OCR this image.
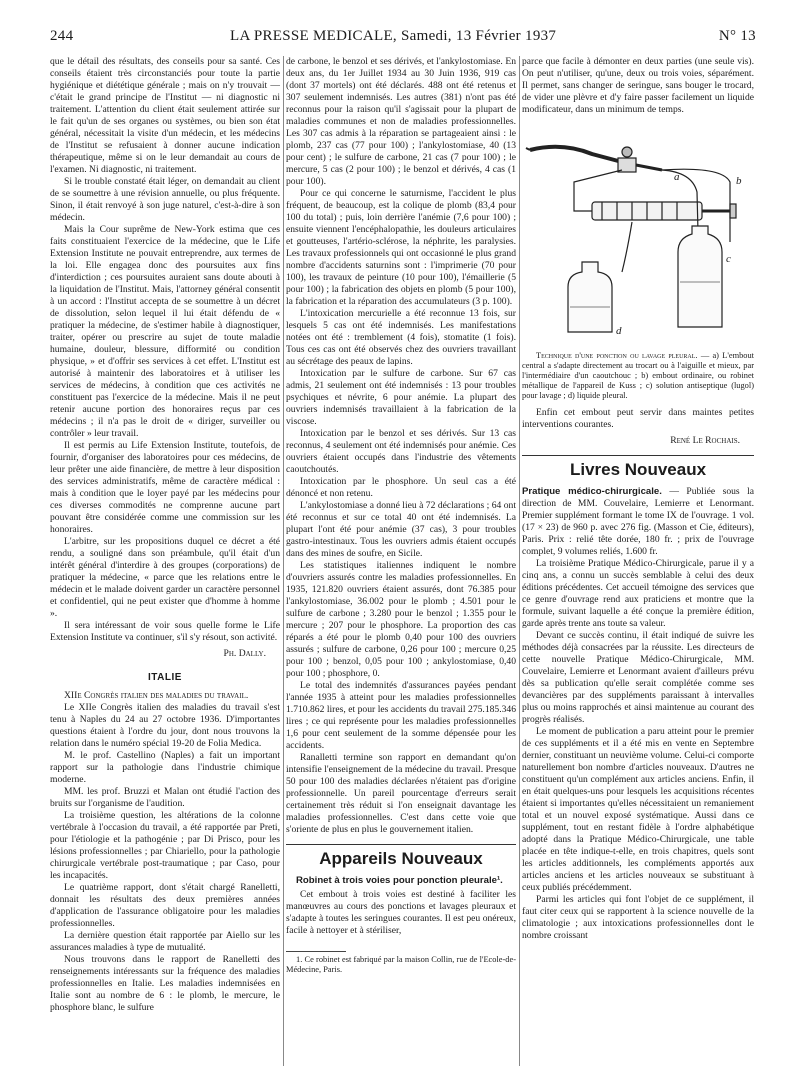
244	LA PRESSE MEDICALE, Samedi, 13 Février 1937	N° 13

que le détail des résultats, des conseils pour sa santé. Ces conseils étaient très circonstanciés pour toute la partie hygiénique et diététique générale ; mais on n'y trouvait — c'était le grand principe de l'Institut — ni diagnostic ni traitement. L'attention du client était seulement attirée sur le fait qu'un de ses organes ou systèmes, ou bien son état général, nécessitait la visite d'un médecin, et les médecins de l'Institut se refusaient à donner aucune indication thérapeutique, même si on le leur demandait au cours de l'examen. Ni diagnostic, ni traitement.

Si le trouble constaté était léger, on demandait au client de se soumettre à une révision annuelle, ou plus fréquente. Sinon, il était renvoyé à son juge naturel, c'est-à-dire à son médecin.

Mais la Cour suprême de New-York estima que ces faits constituaient l'exercice de la médecine, que le Life Extension Institute ne pouvait entreprendre, aux termes de la loi. Elle engagea donc des poursuites aux fins d'interdiction ; ces poursuites auraient sans doute abouti à la liquidation de l'Institut. Mais, l'attorney général consentit à un accord : l'Institut accepta de se soumettre à un décret de dissolution, selon lequel il lui était défendu de « pratiquer la médecine, de s'estimer habile à diagnostiquer, traiter, opérer ou prescrire au sujet de toute maladie humaine, douleur, blessure, difformité ou condition physique, » et d'offrir ses services à cet effet. L'Institut est autorisé à maintenir des laboratoires et à utiliser les services de médecins, à condition que ces activités ne constituent pas l'exercice de la médecine. Mais il ne peut retenir aucune portion des honoraires reçus par ces médecins ; il n'a pas le droit de « diriger, surveiller ou contrôler » leur travail.

Il est permis au Life Extension Institute, toutefois, de fournir, d'organiser des laboratoires pour ces médecins, de leur prêter une aide financière, de mettre à leur disposition des services administratifs, même de caractère médical : mais à condition que le loyer payé par les médecins pour ces diverses commodités ne comprenne aucune part pouvant être considérée comme une commission sur les honoraires.

L'arbitre, sur les propositions duquel ce décret a été rendu, a souligné dans son préambule, qu'il était d'un intérêt général d'interdire à des groupes (corporations) de pratiquer la médecine, « parce que les relations entre le médecin et le malade doivent garder un caractère personnel et confidentiel, qui ne peut exister que d'homme à homme ».

Il sera intéressant de voir sous quelle forme le Life Extension Institute va continuer, s'il s'y résout, son activité.

Ph. Dally.
ITALIE

XIIe Congrès italien des maladies du travail.

Le XIIe Congrès italien des maladies du travail s'est tenu à Naples du 24 au 27 octobre 1936. D'importantes questions étaient à l'ordre du jour, dont nous trouvons la relation dans le numéro spécial 19-20 de Folia Medica.

M. le prof. Castellino (Naples) a fait un important rapport sur la pathologie dans l'industrie chimique moderne.

MM. les prof. Bruzzi et Malan ont étudié l'action des bruits sur l'organisme de l'audition.

La troisième question, les altérations de la colonne vertébrale à l'occasion du travail, a été rapportée par Preti, pour l'étiologie et la pathogénie ; par Di Prisco, pour les lésions professionnelles ; par Chiariello, pour la pathologie chirurgicale vertébrale post-traumatique ; par Caso, pour les incapacités.

Le quatrième rapport, dont s'était chargé Ranelletti, donnait les résultats des deux premières années d'application de l'assurance obligatoire pour les maladies professionnelles.

La dernière question était rapportée par Aiello sur les assurances maladies à type de mutualité.

Nous trouvons dans le rapport de Ranelletti des renseignements intéressants sur la fréquence des maladies professionnelles en Italie. Les maladies indemnisées en Italie sont au nombre de 6 : le plomb, le mercure, le phosphore blanc, le sulfure

de carbone, le benzol et ses dérivés, et l'ankylostomiase. En deux ans, du 1er Juillet 1934 au 30 Juin 1936, 919 cas (dont 37 mortels) ont été déclarés. 488 ont été retenus et 307 seulement indemnisés. Les autres (381) n'ont pas été reconnus pour la raison qu'il s'agissait pour la plupart de maladies communes et non de maladies professionnelles. Les 307 cas admis à la réparation se partageaient ainsi : le plomb, 237 cas (77 pour 100) ; l'ankylostomiase, 40 (13 pour cent) ; le sulfure de carbone, 21 cas (7 pour 100) ; le mercure, 5 cas (2 pour 100) ; le benzol et dérivés, 4 cas (1 pour 100).

Pour ce qui concerne le saturnisme, l'accident le plus fréquent, de beaucoup, est la colique de plomb (83,4 pour 100 du total) ; puis, loin derrière l'anémie (7,6 pour 100) ; ensuite viennent l'encéphalopathie, les douleurs articulaires et goutteuses, l'artério-sclérose, la néphrite, les paralysies. Les travaux professionnels qui ont occasionné le plus grand nombre d'accidents saturnins sont : l'imprimerie (70 pour 100), les travaux de peinture (10 pour 100), l'émaillerie (5 pour 100) ; la fabrication des objets en plomb (5 pour 100), la fabrication et la réparation des accumulateurs (3 p. 100).

L'intoxication mercurielle a été reconnue 13 fois, sur lesquels 5 cas ont été indemnisés. Les manifestations notées ont été : tremblement (4 fois), stomatite (1 fois). Tous ces cas ont été observés chez des ouvriers travaillant au sécrétage des peaux de lapins.

Intoxication par le sulfure de carbone. Sur 67 cas admis, 21 seulement ont été indemnisés : 13 pour troubles psychiques et névrite, 6 pour anémie. La plupart des ouvriers indemnisés travaillaient à la fabrication de la viscose.

Intoxication par le benzol et ses dérivés. Sur 13 cas reconnus, 4 seulement ont été indemnisés pour anémie. Ces ouvriers étaient occupés dans l'industrie des vêtements caoutchoutés.

Intoxication par le phosphore. Un seul cas a été dénoncé et non retenu.

L'ankylostomiase a donné lieu à 72 déclarations ; 64 ont été reconnus et sur ce total 40 ont été indemnisés. La plupart l'ont été pour anémie (37 cas), 3 pour troubles gastro-intestinaux. Tous les ouvriers admis étaient occupés dans des mines de soufre, en Sicile.

Les statistiques italiennes indiquent le nombre d'ouvriers assurés contre les maladies professionnelles. En 1935, 121.820 ouvriers étaient assurés, dont 76.385 pour l'ankylostomiase, 36.002 pour le plomb ; 4.501 pour le sulfure de carbone ; 3.280 pour le benzol ; 1.355 pour le mercure ; 207 pour le phosphore. La proportion des cas réparés a été pour le plomb 0,40 pour 100 des ouvriers assurés ; sulfure de carbone, 0,26 pour 100 ; mercure 0,25 pour 100 ; benzol, 0,05 pour 100 ; ankylostomiase, 0,40 pour 100 ; phosphore, 0.

Le total des indemnités d'assurances payées pendant l'année 1935 à atteint pour les maladies professionnelles 1.710.862 lires, et pour les accidents du travail 275.185.346 lires ; ce qui représente pour les maladies professionnelles 1,6 pour cent seulement de la somme dépensée pour les accidents.

Ranalletti termine son rapport en demandant qu'on intensifie l'enseignement de la médecine du travail. Presque 50 pour 100 des maladies déclarées n'étaient pas d'origine professionnelle. Un pareil pourcentage d'erreurs serait certainement très réduit si l'on enseignait davantage les maladies professionnelles. C'est dans cette voie que s'oriente de plus en plus le gouvernement italien.

Appareils Nouveaux
Robinet à trois voies pour ponction pleurale¹.

Cet embout à trois voies est destiné à faciliter les manœuvres au cours des ponctions et lavages pleuraux et s'adapte à toutes les seringues courantes. Il est peu onéreux, facile à nettoyer et à stériliser,

1. Ce robinet est fabriqué par la maison Collin, rue de l'Ecole-de-Médecine, Paris.

parce que facile à démonter en deux parties (une seule vis). On peut n'utiliser, qu'une, deux ou trois voies, séparément. Il permet, sans changer de seringue, sans bouger le trocard, de vider une plèvre et d'y faire passer facilement un liquide modificateur, dans un minimum de temps.

a	b
c
d

Technique d'une ponction ou lavage pleural. — a) L'embout central a s'adapte directement au trocart ou à l'aiguille et mieux, par l'intermédiaire d'un caoutchouc ; b) embout ordinaire, ou robinet métallique de l'appareil de Kuss ; c) solution antiseptique (lugol) pour lavage ; d) liquide pleural.

Enfin cet embout peut servir dans maintes petites interventions courantes.

René Le Rochais.
Livres Nouveaux

Pratique médico-chirurgicale. — Publiée sous la direction de MM. Couvelaire, Lemierre et Lenormant. Premier supplément formant le tome IX de l'ouvrage. 1 vol. (17 × 23) de 960 p. avec 276 fig. (Masson et Cie, éditeurs), Paris. Prix : relié tête dorée, 180 fr. ; prix de l'ouvrage complet, 9 volumes reliés, 1.600 fr.

La troisième Pratique Médico-Chirurgicale, parue il y a cinq ans, a connu un succès semblable à celui des deux éditions précédentes. Cet accueil témoigne des services que ce genre d'ouvrage rend aux praticiens et montre que la formule, suivant laquelle a été conçue la première édition, garde après trente ans toute sa valeur.

Devant ce succès continu, il était indiqué de suivre les méthodes déjà consacrées par la réussite. Les directeurs de cette nouvelle Pratique Médico-Chirurgicale, MM. Couvelaire, Lemierre et Lenormant avaient d'ailleurs prévu dès sa publication qu'elle serait complétée comme ses devancières par des suppléments paraissant à intervalles plus ou moins rapprochés et ainsi maintenue au courant des progrès réalisés.

Le moment de publication a paru atteint pour le premier de ces suppléments et il a été mis en vente en Septembre dernier, constituant un neuvième volume. Celui-ci comporte naturellement bon nombre d'articles nouveaux. D'autres ne constituent qu'un complément aux articles anciens. Enfin, il en était quelques-uns pour lesquels les acquisitions récentes étaient si importantes qu'elles nécessitaient un remaniement total et un nouvel exposé systématique. Aussi dans ce supplément, tout en restant fidèle à l'ordre alphabétique adopté dans la Pratique Médico-Chirurgicale, une table placée en tête indique-t-elle, en trois chapitres, quels sont les articles additionnels, les compléments apportés aux articles anciens et les articles nouveaux se substituant à ceux publiés précédemment.

Parmi les articles qui font l'objet de ce supplément, il faut citer ceux qui se rapportent à la science nouvelle de la climatologie ; aux intoxications professionnelles dont le nombre croissant
